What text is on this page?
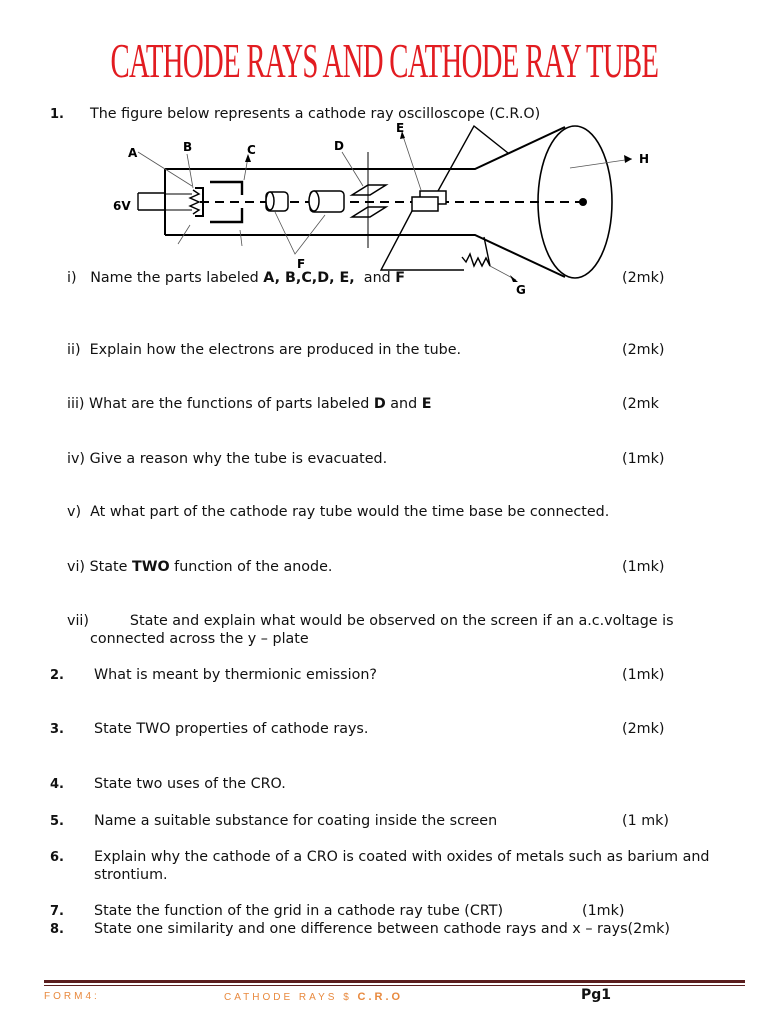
CATHODE RAYS AND CATHODE RAY TUBE
1. The figure below represents a cathode ray oscilloscope (C.R.O)
A	B	C	D
E
F
G
H
6V
i) Name the parts labeled A, B,C,D, E,  and F	(2mk)
ii) Explain how the electrons are produced in the tube.	(2mk)
iii) What are the functions of parts labeled D and E	(2mk
iv) Give a reason why the tube is evacuated.	(1mk)
v) At what part of the cathode ray tube would the time base be connected.
vi) State TWO function of the anode.	(1mk)
vii)	State and explain what would be observed on the screen if an a.c.voltage is
connected across the y – plate
2. What is meant by thermionic emission?	(1mk)
3. State TWO properties of cathode rays.	(2mk)
4. State two uses of the CRO.
5. Name a suitable substance for coating inside the screen	(1 mk)
6. Explain why the cathode of a CRO is coated with oxides of metals such as barium and
strontium.
7. State the function of the grid in a cathode ray tube (CRT)	(1mk)
8. State one similarity and one difference between cathode rays and x – rays(2mk)
FORM4:	CATHODE RAYS $ C.R.O	Pg1
